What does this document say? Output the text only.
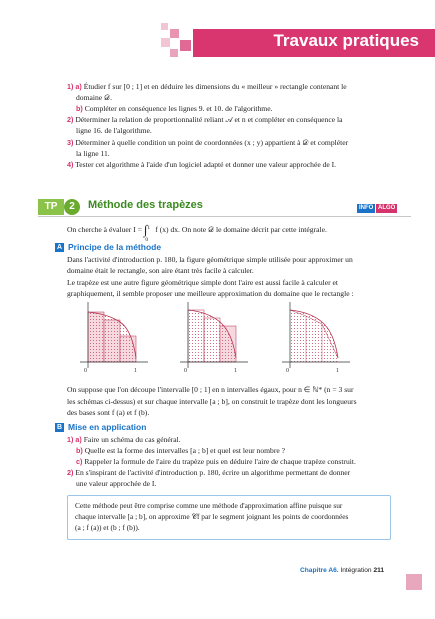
Travaux pratiques
1) a) Étudier f sur [0 ; 1] et en déduire les dimensions du « meilleur » rectangle contenant le
domaine 𝒟.
b) Compléter en conséquence les lignes 9. et 10. de l'algorithme.
2) Déterminer la relation de proportionnalité reliant 𝒜 et n et compléter en conséquence la
ligne 16. de l'algorithme.
3) Déterminer à quelle condition un point de coordonnées (x ; y) appartient à 𝒟 et compléter
la ligne 11.
4) Tester cet algorithme à l'aide d'un logiciel adapté et donner une valeur approchée de I.
TP	2	Méthode des trapèzes	INFO ALGO
On cherche à évaluer I = ∫ 1
0
f (x) dx. On note 𝒟 le domaine décrit par cette intégrale.
A Principe de la méthode
Dans l'activité d'introduction p. 180, la figure géométrique simple utilisée pour approximer un
domaine était le rectangle, son aire étant très facile à calculer.
Le trapèze est une autre figure géométrique simple dont l'aire est aussi facile à calculer et
graphiquement, il semble proposer une meilleure approximation du domaine que le rectangle :
0	1	0	1	0	1
On suppose que l'on découpe l'intervalle [0 ; 1] en n intervalles égaux, pour n ∈ ℕ* (n = 3 sur
les schémas ci-dessus) et sur chaque intervalle [a ; b], on construit le trapèze dont les longueurs
des bases sont f (a) et f (b).
B Mise en application
1) a) Faire un schéma du cas général.
b) Quelle est la forme des intervalles [a ; b] et quel est leur nombre ?
c) Rappeler la formule de l'aire du trapèze puis en déduire l'aire de chaque trapèze construit.
2) En s'inspirant de l'activité d'introduction p. 180, écrire un algorithme permettant de donner
une valeur approchée de I.
Cette méthode peut être comprise comme une méthode d'approximation affine puisque sur
chaque intervalle [a ; b], on approxime 𝒞f par le segment joignant les points de coordonnées
(a ; f (a)) et (b ; f (b)).
Chapitre A6. Intégration 211
